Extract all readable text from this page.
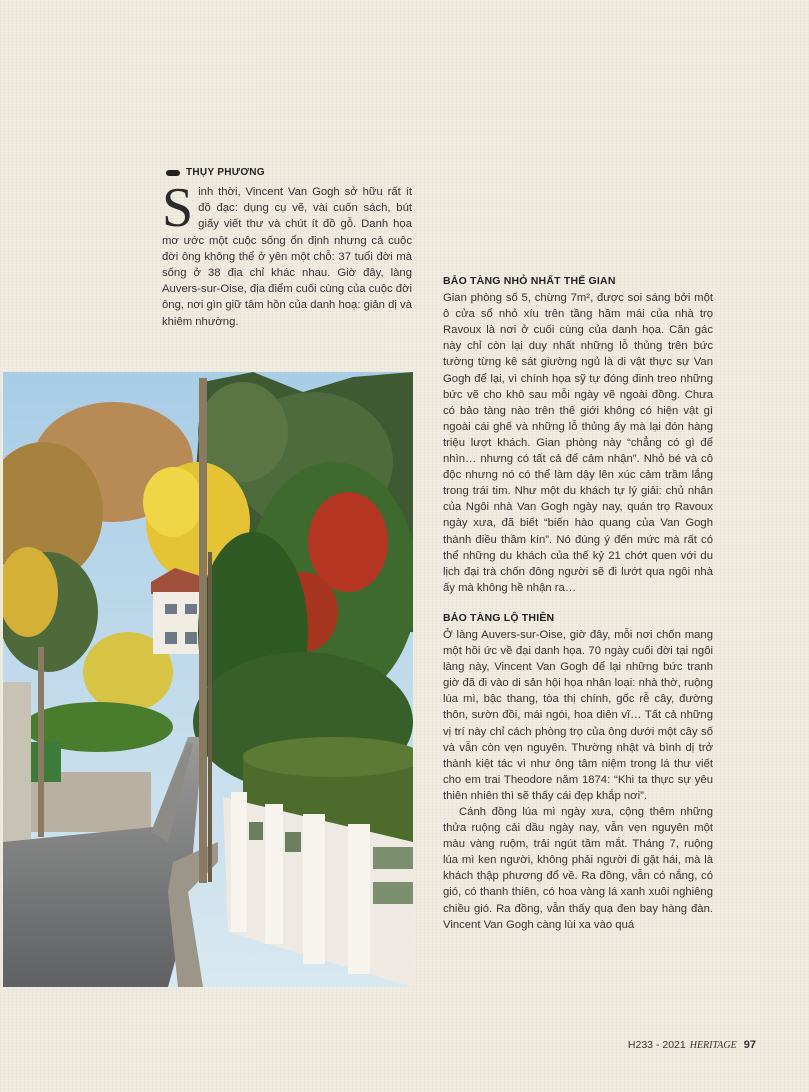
THỤY PHƯƠNG
Sinh thời, Vincent Van Gogh sở hữu rất ít đồ đạc: dụng cụ vẽ, vài cuốn sách, bút giấy viết thư và chút ít đồ gỗ. Danh họa mơ ước một cuộc sống ổn định nhưng cả cuộc đời ông không thể ở yên một chỗ: 37 tuổi đời mà sống ở 38 địa chỉ khác nhau. Giờ đây, làng Auvers-sur-Oise, địa điểm cuối cùng của cuộc đời ông, nơi gìn giữ tâm hồn của danh hoạ: giản dị và khiêm nhường.
BẢO TÀNG NHỎ NHẤT THẾ GIAN

Gian phòng số 5, chừng 7m², được soi sáng bởi một ô cửa sổ nhỏ xíu trên tầng hầm mái của nhà trọ Ravoux là nơi ở cuối cùng của danh họa. Căn gác này chỉ còn lại duy nhất những lỗ thủng trên bức tường từng kê sát giường ngủ là di vật thực sự Van Gogh để lại, vì chính họa sỹ tự đóng đinh treo những bức vẽ cho khô sau mỗi ngày vẽ ngoài đồng. Chưa có bảo tàng nào trên thế giới không có hiện vật gì ngoài cái ghế và những lỗ thủng ấy mà lại đón hàng triệu lượt khách. Gian phòng này “chẳng có gì để nhìn… nhưng có tất cả để cảm nhận”. Nhỏ bé và cô độc nhưng nó có thể làm dậy lên xúc cảm trầm lắng trong trái tim. Như một du khách tự lý giải: chủ nhân của Ngôi nhà Van Gogh ngày nay, quán trọ Ravoux ngày xưa, đã biết “biến hào quang của Van Gogh thành điều thầm kín”. Nó đúng ý đến mức mà rất có thể những du khách của thế kỷ 21 chớt quen với du lịch đại trà chốn đông người sẽ đi lướt qua ngôi nhà ấy mà không hề nhận ra…

BẢO TÀNG LỘ THIÊN

Ở làng Auvers-sur-Oise, giờ đây, mỗi nơi chốn mang một hồi ức về đại danh họa. 70 ngày cuối đời tại ngôi làng này, Vincent Van Gogh để lại những bức tranh giờ đã đi vào di sản hội họa nhân loại: nhà thờ, ruộng lúa mì, bậc thang, tòa thị chính, gốc rễ cây, đường thôn, sườn đồi, mái ngói, hoa diên vĩ… Tất cả những vị trí này chỉ cách phòng trọ của ông dưới một cây số và vẫn còn vẹn nguyên. Thường nhật và bình dị trở thành kiệt tác vì như ông tâm niệm trong lá thư viết cho em trai Theodore năm 1874: “Khi ta thực sự yêu thiên nhiên thì sẽ thấy cái đẹp khắp nơi”.

Cánh đồng lúa mì ngày xưa, cộng thêm những thửa ruộng cải dầu ngày nay, vẫn vẹn nguyên một màu vàng ruộm, trải ngút tầm mắt. Tháng 7, ruộng lúa mì ken người, không phải người đi gặt hái, mà là khách thập phương đổ về. Ra đồng, vẫn có nắng, có gió, có thanh thiên, có hoa vàng lá xanh xuôi nghiêng chiều gió. Ra đồng, vẫn thấy quạ đen bay hàng đàn. Vincent Van Gogh càng lùi xa vào quá

H233 - 2021 HERITAGE 97
